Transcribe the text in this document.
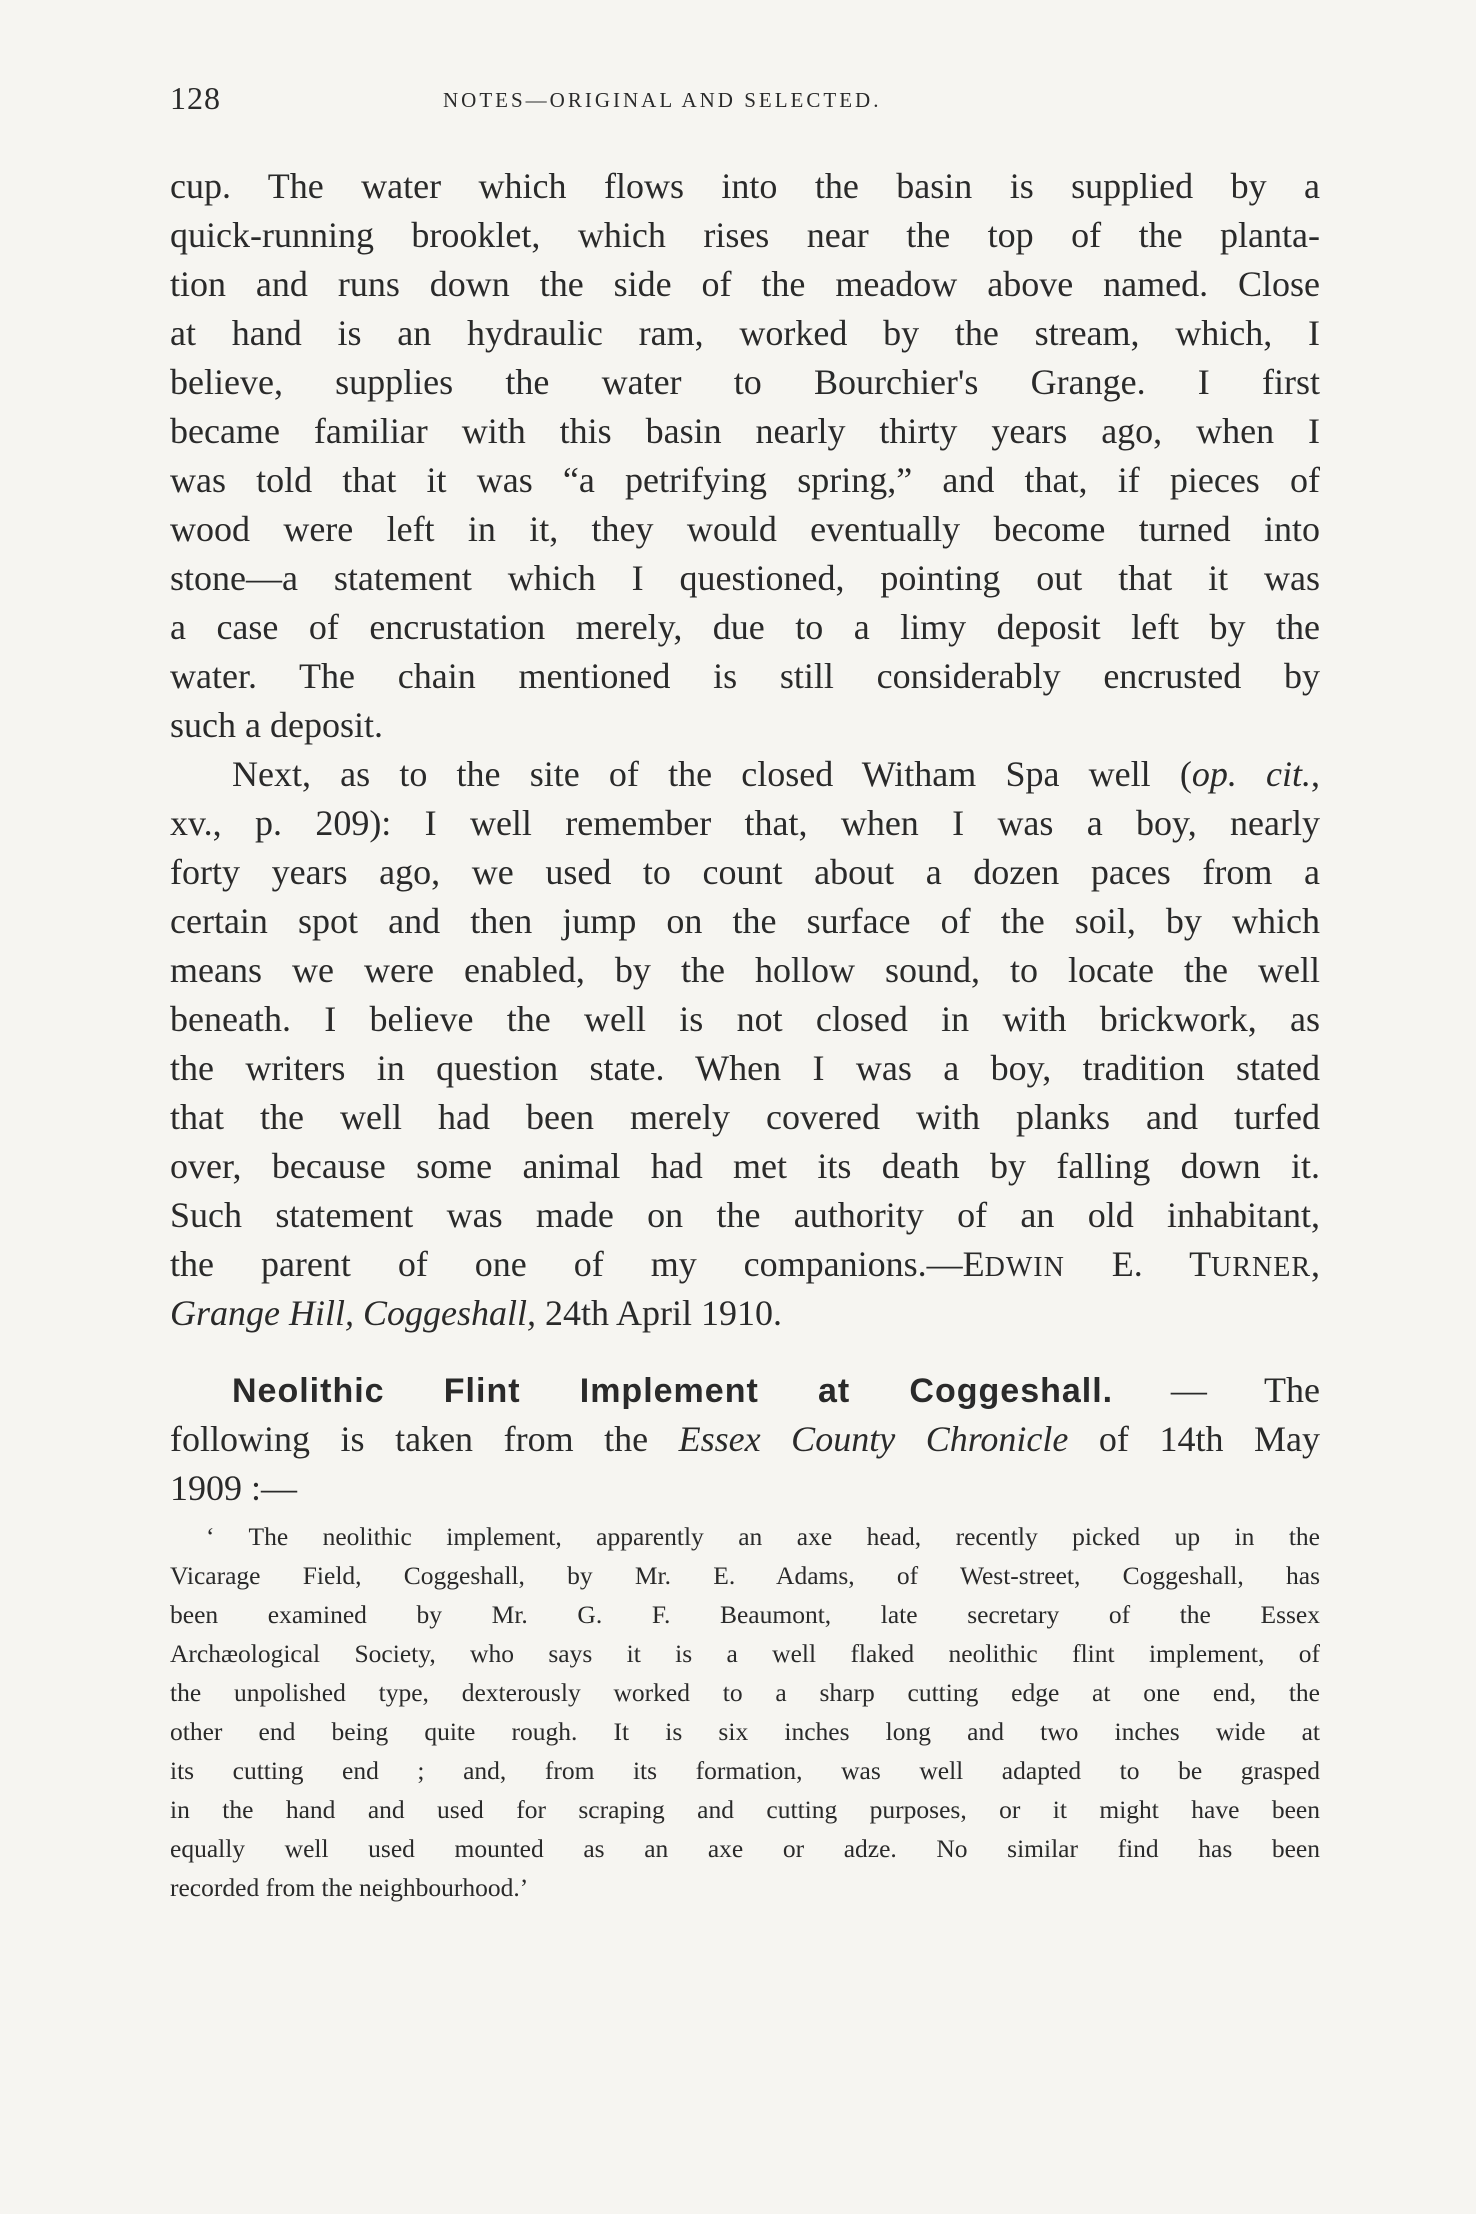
128	NOTES—ORIGINAL AND SELECTED.
cup. The water which flows into the basin is supplied by a
quick-running brooklet, which rises near the top of the planta-
tion and runs down the side of the meadow above named. Close
at hand is an hydraulic ram, worked by the stream, which, I
believe, supplies the water to Bourchier's Grange. I first
became familiar with this basin nearly thirty years ago, when I
was told that it was “a petrifying spring,” and that, if pieces of
wood were left in it, they would eventually become turned into
stone—a statement which I questioned, pointing out that it was
a case of encrustation merely, due to a limy deposit left by the
water. The chain mentioned is still considerably encrusted by
such a deposit.
Next, as to the site of the closed Witham Spa well (op. cit.,
xv., p. 209): I well remember that, when I was a boy, nearly
forty years ago, we used to count about a dozen paces from a
certain spot and then jump on the surface of the soil, by which
means we were enabled, by the hollow sound, to locate the well
beneath. I believe the well is not closed in with brickwork, as
the writers in question state. When I was a boy, tradition stated
that the well had been merely covered with planks and turfed
over, because some animal had met its death by falling down it.
Such statement was made on the authority of an old inhabitant,
the parent of one of my companions.—EDWIN E. TURNER,
Grange Hill, Coggeshall, 24th April 1910.
Neolithic Flint Implement at Coggeshall. — The
following is taken from the Essex County Chronicle of 14th May
1909 :—
‘ The neolithic implement, apparently an axe head, recently picked up in the
Vicarage Field, Coggeshall, by Mr. E. Adams, of West-street, Coggeshall, has
been examined by Mr. G. F. Beaumont, late secretary of the Essex
Archæological Society, who says it is a well flaked neolithic flint implement, of
the unpolished type, dexterously worked to a sharp cutting edge at one end, the
other end being quite rough. It is six inches long and two inches wide at
its cutting end ; and, from its formation, was well adapted to be grasped
in the hand and used for scraping and cutting purposes, or it might have been
equally well used mounted as an axe or adze. No similar find has been
recorded from the neighbourhood.’
